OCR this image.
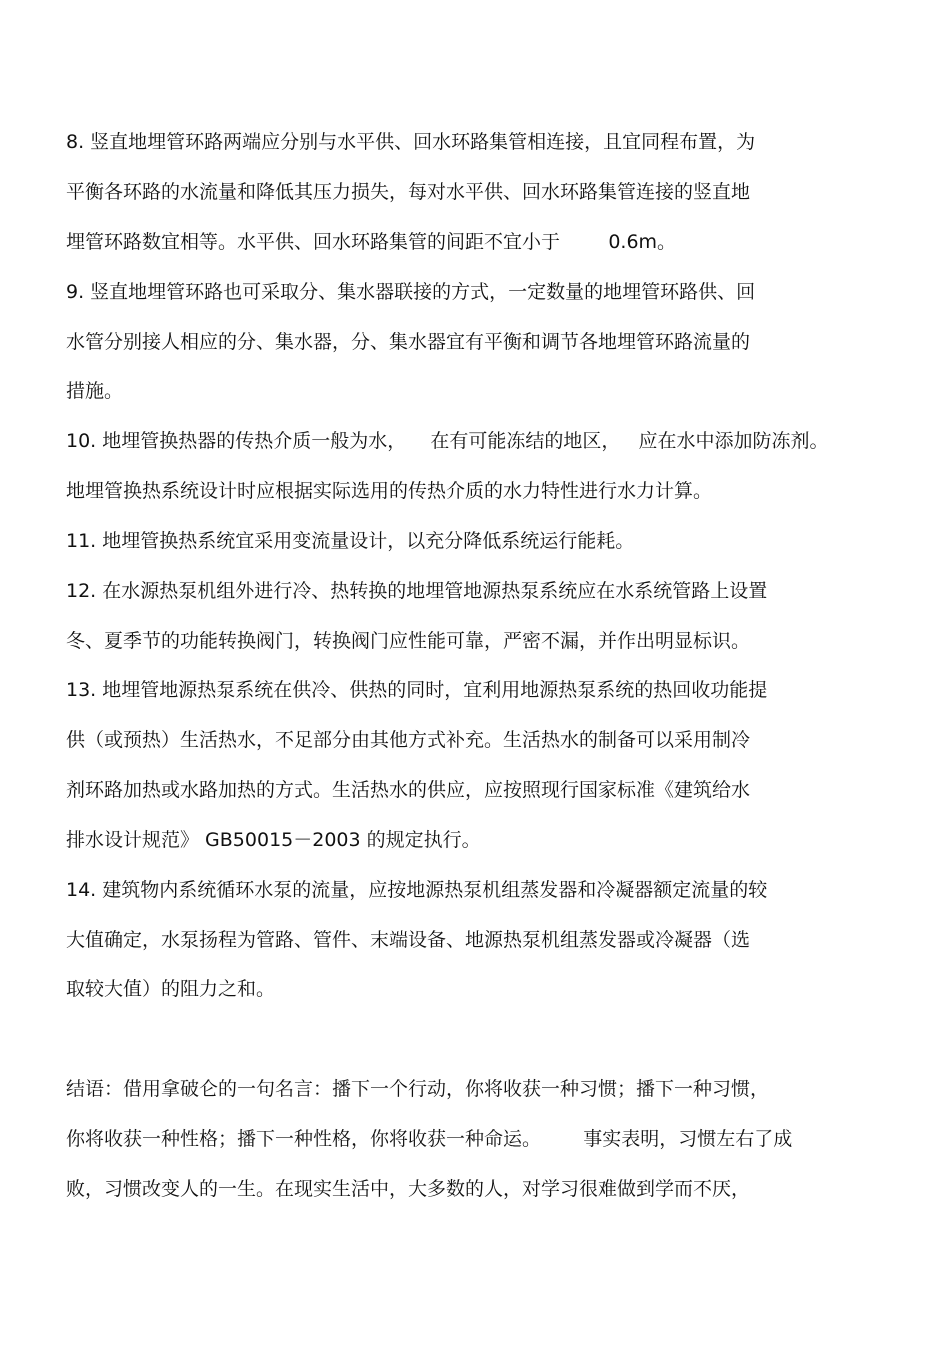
8. 竖直地埋管环路两端应分别与水平供、回水环路集管相连接，且宜同程布置，为

平衡各环路的水流量和降低其压力损失，每对水平供、回水环路集管连接的竖直地

埋管环路数宜相等。水平供、回水环路集管的间距不宜小于        0.6m。

9. 竖直地埋管环路也可采取分、集水器联接的方式，一定数量的地埋管环路供、回

水管分别接人相应的分、集水器，分、集水器宜有平衡和调节各地埋管环路流量的

措施。

10. 地埋管换热器的传热介质一般为水，    在有可能冻结的地区，   应在水中添加防冻剂。

地埋管换热系统设计时应根据实际选用的传热介质的水力特性进行水力计算。

11. 地埋管换热系统宜采用变流量设计，以充分降低系统运行能耗。

12. 在水源热泵机组外进行冷、热转换的地埋管地源热泵系统应在水系统管路上设置

冬、夏季节的功能转换阀门，转换阀门应性能可靠，严密不漏，并作出明显标识。

13. 地埋管地源热泵系统在供冷、供热的同时，宜利用地源热泵系统的热回收功能提

供（或预热）生活热水，不足部分由其他方式补充。生活热水的制备可以采用制冷

剂环路加热或水路加热的方式。生活热水的供应，应按照现行国家标准《建筑给水

排水设计规范》 GB50015－2003 的规定执行。

14. 建筑物内系统循环水泵的流量，应按地源热泵机组蒸发器和冷凝器额定流量的较

大值确定，水泵扬程为管路、管件、末端设备、地源热泵机组蒸发器或冷凝器（选

取较大值）的阻力之和。

结语：借用拿破仑的一句名言：播下一个行动，你将收获一种习惯；播下一种习惯，

你将收获一种性格；播下一种性格，你将收获一种命运。       事实表明，习惯左右了成

败，习惯改变人的一生。在现实生活中，大多数的人，对学习很难做到学而不厌，
